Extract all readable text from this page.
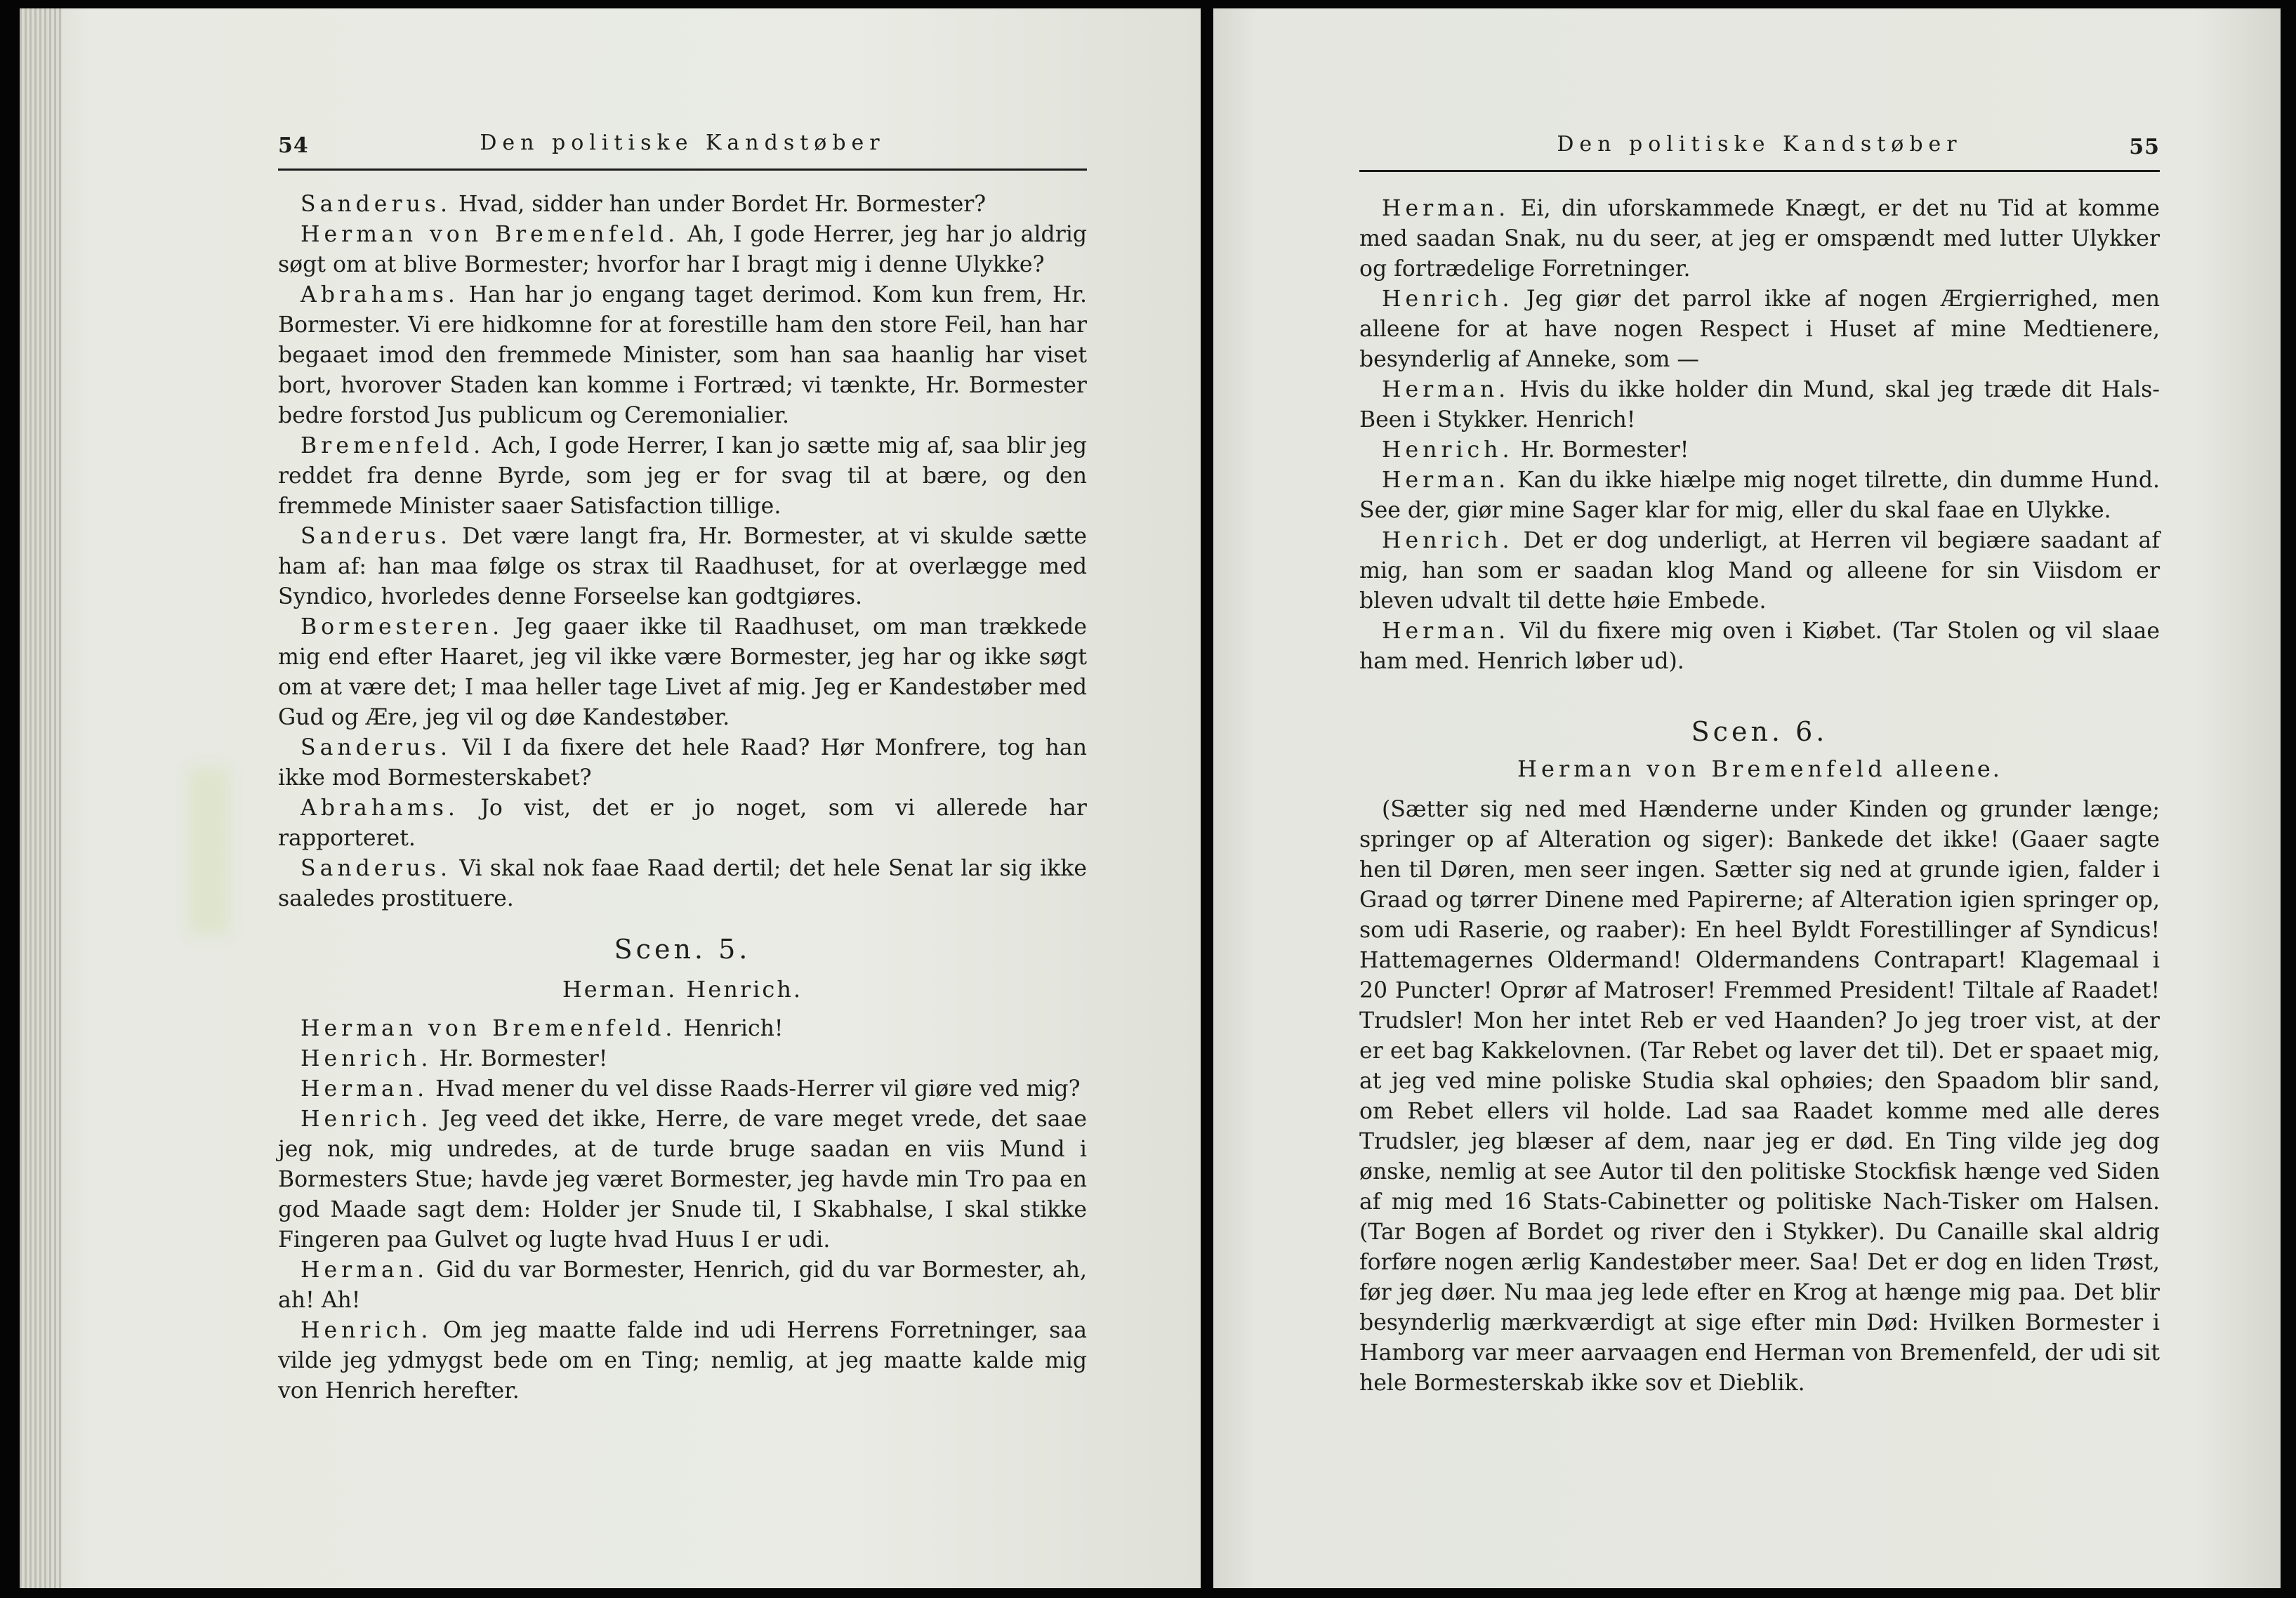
54	Den politiske Kandstøber

Sanderus. Hvad, sidder han under Bordet Hr. Bormester?

Herman von Bremenfeld. Ah, I gode Herrer, jeg har jo aldrig søgt om at blive Bormester; hvorfor har I bragt mig i denne Ulykke?

Abrahams. Han har jo engang taget derimod. Kom kun frem, Hr. Bormester. Vi ere hidkomne for at forestille ham den store Feil, han har begaaet imod den fremmede Minister, som han saa haanlig har viset bort, hvorover Staden kan komme i Fortræd; vi tænkte, Hr. Bormester bedre forstod Jus publicum og Ceremonialier.

Bremenfeld. Ach, I gode Herrer, I kan jo sætte mig af, saa blir jeg reddet fra denne Byrde, som jeg er for svag til at bære, og den fremmede Minister saaer Satisfaction tillige.

Sanderus. Det være langt fra, Hr. Bormester, at vi skulde sætte ham af: han maa følge os strax til Raadhuset, for at overlægge med Syndico, hvorledes denne Forseelse kan godtgiøres.

Bormesteren. Jeg gaaer ikke til Raadhuset, om man trækkede mig end efter Haaret, jeg vil ikke være Bormester, jeg har og ikke søgt om at være det; I maa heller tage Livet af mig. Jeg er Kandestøber med Gud og Ære, jeg vil og døe Kandestøber.

Sanderus. Vil I da fixere det hele Raad? Hør Monfrere, tog han ikke mod Bormesterskabet?

Abrahams. Jo vist, det er jo noget, som vi allerede har rapporteret.

Sanderus. Vi skal nok faae Raad dertil; det hele Senat lar sig ikke saaledes prostituere.

Scen. 5.
Herman. Henrich.

Herman von Bremenfeld. Henrich!

Henrich. Hr. Bormester!

Herman. Hvad mener du vel disse Raads-Herrer vil giøre ved mig?

Henrich. Jeg veed det ikke, Herre, de vare meget vrede, det saae jeg nok, mig undredes, at de turde bruge saadan en viis Mund i Bormesters Stue; havde jeg været Bormester, jeg havde min Tro paa en god Maade sagt dem: Holder jer Snude til, I Skabhalse, I skal stikke Fingeren paa Gulvet og lugte hvad Huus I er udi.

Herman. Gid du var Bormester, Henrich, gid du var Bormester, ah, ah! Ah!

Henrich. Om jeg maatte falde ind udi Herrens Forretninger, saa vilde jeg ydmygst bede om en Ting; nemlig, at jeg maatte kalde mig von Henrich herefter.

Den politiske Kandstøber	55

Herman. Ei, din uforskammede Knægt, er det nu Tid at komme med saadan Snak, nu du seer, at jeg er omspændt med lutter Ulykker og fortrædelige Forretninger.

Henrich. Jeg giør det parrol ikke af nogen Ærgierrighed, men alleene for at have nogen Respect i Huset af mine Medtienere, besynderlig af Anneke, som —

Herman. Hvis du ikke holder din Mund, skal jeg træde dit Hals-Been i Stykker. Henrich!

Henrich. Hr. Bormester!

Herman. Kan du ikke hiælpe mig noget tilrette, din dumme Hund. See der, giør mine Sager klar for mig, eller du skal faae en Ulykke.

Henrich. Det er dog underligt, at Herren vil begiære saadant af mig, han som er saadan klog Mand og alleene for sin Viisdom er bleven udvalt til dette høie Embede.

Herman. Vil du fixere mig oven i Kiøbet. (Tar Stolen og vil slaae ham med. Henrich løber ud).

Scen. 6.
Herman von Bremenfeld alleene.

(Sætter sig ned med Hænderne under Kinden og grunder længe; springer op af Alteration og siger): Bankede det ikke! (Gaaer sagte hen til Døren, men seer ingen. Sætter sig ned at grunde igien, falder i Graad og tørrer Dinene med Papirerne; af Alteration igien springer op, som udi Raserie, og raaber): En heel Byldt Forestillinger af Syndicus! Hattemagernes Oldermand! Oldermandens Contrapart! Klagemaal i 20 Puncter! Oprør af Matroser! Fremmed President! Tiltale af Raadet! Trudsler! Mon her intet Reb er ved Haanden? Jo jeg troer vist, at der er eet bag Kakkelovnen. (Tar Rebet og laver det til). Det er spaaet mig, at jeg ved mine poliske Studia skal ophøies; den Spaadom blir sand, om Rebet ellers vil holde. Lad saa Raadet komme med alle deres Trudsler, jeg blæser af dem, naar jeg er død. En Ting vilde jeg dog ønske, nemlig at see Autor til den politiske Stockfisk hænge ved Siden af mig med 16 Stats-Cabinetter og politiske Nach-Tisker om Halsen. (Tar Bogen af Bordet og river den i Stykker). Du Canaille skal aldrig forføre nogen ærlig Kandestøber meer. Saa! Det er dog en liden Trøst, før jeg døer. Nu maa jeg lede efter en Krog at hænge mig paa. Det blir besynderlig mærkværdigt at sige efter min Død: Hvilken Bormester i Hamborg var meer aarvaagen end Herman von Bremenfeld, der udi sit hele Bormesterskab ikke sov et Dieblik.
